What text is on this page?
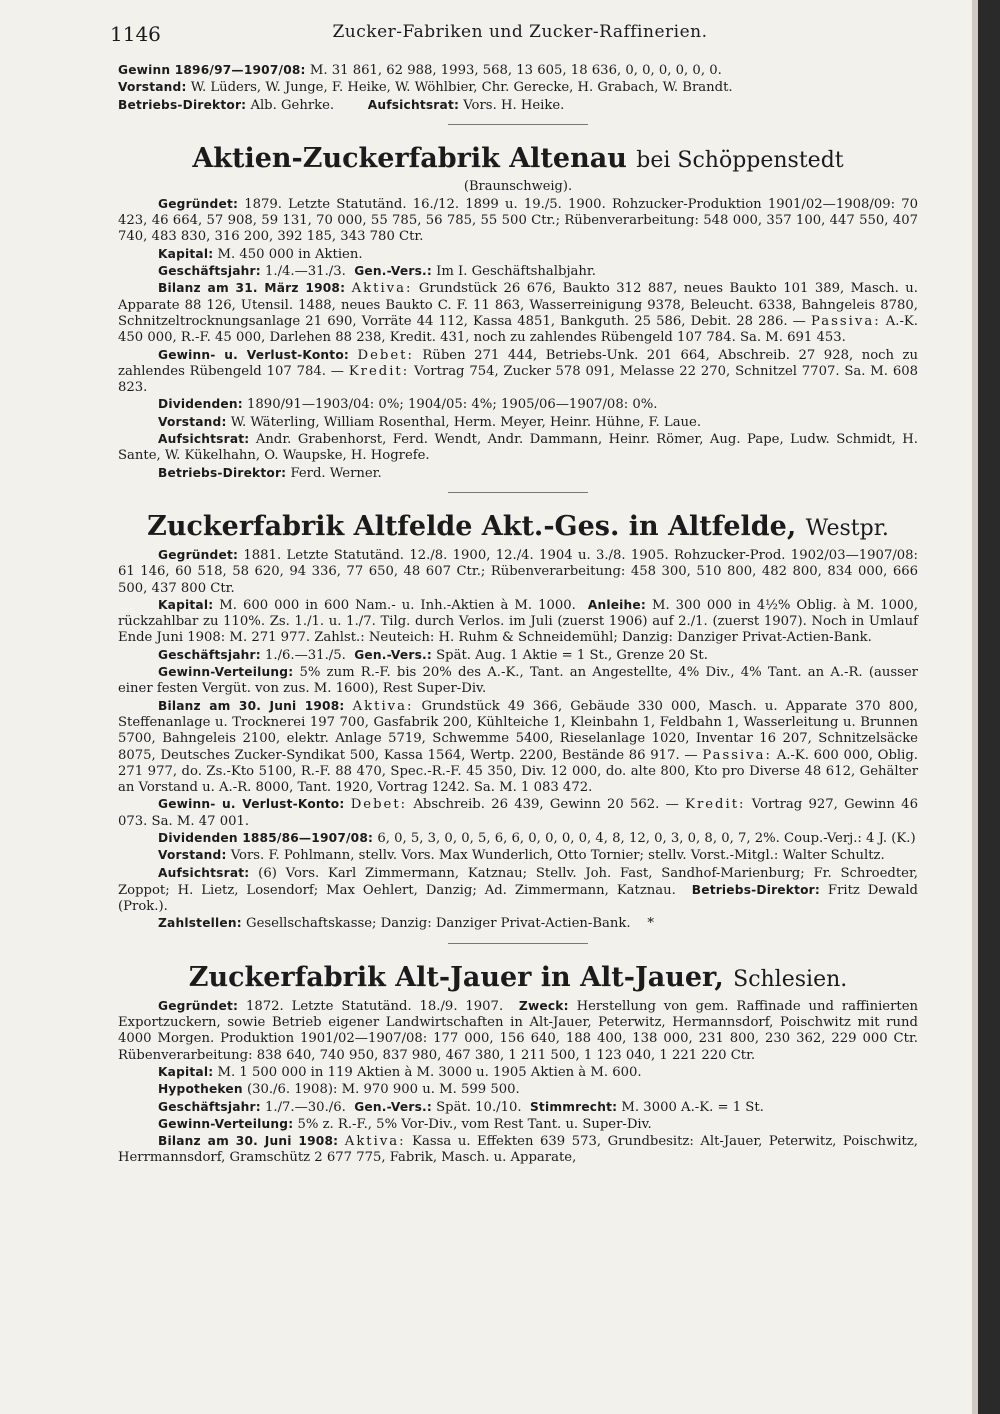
1146	Zucker-Fabriken und Zucker-Raffinerien.

Gewinn 1896/97—1907/08: M. 31 861, 62 988, 1993, 568, 13 605, 18 636, 0, 0, 0, 0, 0, 0.

Vorstand: W. Lüders, W. Junge, F. Heike, W. Wöhlbier, Chr. Gerecke, H. Grabach, W. Brandt.

Betriebs-Direktor: Alb. Gehrke.	Aufsichtsrat: Vors. H. Heike.

Aktien-Zuckerfabrik Altenau bei Schöppenstedt
(Braunschweig).

Gegründet: 1879. Letzte Statutänd. 16./12. 1899 u. 19./5. 1900. Rohzucker-Produktion 1901/02—1908/09: 70 423, 46 664, 57 908, 59 131, 70 000, 55 785, 56 785, 55 500 Ctr.; Rübenverarbeitung: 548 000, 357 100, 447 550, 407 740, 483 830, 316 200, 392 185, 343 780 Ctr.

Kapital: M. 450 000 in Aktien.

Geschäftsjahr: 1./4.—31./3. Gen.-Vers.: Im I. Geschäftshalbjahr.

Bilanz am 31. März 1908: Aktiva: Grundstück 26 676, Baukto 312 887, neues Baukto 101 389, Masch. u. Apparate 88 126, Utensil. 1488, neues Baukto C. F. 11 863, Wasserreinigung 9378, Beleucht. 6338, Bahngeleis 8780, Schnitzeltrocknungsanlage 21 690, Vorräte 44 112, Kassa 4851, Bankguth. 25 586, Debit. 28 286. — Passiva: A.-K. 450 000, R.-F. 45 000, Darlehen 88 238, Kredit. 431, noch zu zahlendes Rübengeld 107 784. Sa. M. 691 453.

Gewinn- u. Verlust-Konto: Debet: Rüben 271 444, Betriebs-Unk. 201 664, Abschreib. 27 928, noch zu zahlendes Rübengeld 107 784. — Kredit: Vortrag 754, Zucker 578 091, Melasse 22 270, Schnitzel 7707. Sa. M. 608 823.

Dividenden: 1890/91—1903/04: 0%; 1904/05: 4%; 1905/06—1907/08: 0%.

Vorstand: W. Wäterling, William Rosenthal, Herm. Meyer, Heinr. Hühne, F. Laue.

Aufsichtsrat: Andr. Grabenhorst, Ferd. Wendt, Andr. Dammann, Heinr. Römer, Aug. Pape, Ludw. Schmidt, H. Sante, W. Kükelhahn, O. Waupske, H. Hogrefe.

Betriebs-Direktor: Ferd. Werner.

Zuckerfabrik Altfelde Akt.-Ges. in Altfelde, Westpr.

Gegründet: 1881. Letzte Statutänd. 12./8. 1900, 12./4. 1904 u. 3./8. 1905. Rohzucker-Prod. 1902/03—1907/08: 61 146, 60 518, 58 620, 94 336, 77 650, 48 607 Ctr.; Rübenverarbeitung: 458 300, 510 800, 482 800, 834 000, 666 500, 437 800 Ctr.

Kapital: M. 600 000 in 600 Nam.- u. Inh.-Aktien à M. 1000. Anleihe: M. 300 000 in 4½% Oblig. à M. 1000, rückzahlbar zu 110%. Zs. 1./1. u. 1./7. Tilg. durch Verlos. im Juli (zuerst 1906) auf 2./1. (zuerst 1907). Noch in Umlauf Ende Juni 1908: M. 271 977. Zahlst.: Neuteich: H. Ruhm & Schneidemühl; Danzig: Danziger Privat-Actien-Bank.

Geschäftsjahr: 1./6.—31./5. Gen.-Vers.: Spät. Aug. 1 Aktie = 1 St., Grenze 20 St.

Gewinn-Verteilung: 5% zum R.-F. bis 20% des A.-K., Tant. an Angestellte, 4% Div., 4% Tant. an A.-R. (ausser einer festen Vergüt. von zus. M. 1600), Rest Super-Div.

Bilanz am 30. Juni 1908: Aktiva: Grundstück 49 366, Gebäude 330 000, Masch. u. Apparate 370 800, Steffenanlage u. Trocknerei 197 700, Gasfabrik 200, Kühlteiche 1, Kleinbahn 1, Feldbahn 1, Wasserleitung u. Brunnen 5700, Bahngeleis 2100, elektr. Anlage 5719, Schwemme 5400, Rieselanlage 1020, Inventar 16 207, Schnitzelsäcke 8075, Deutsches Zucker-Syndikat 500, Kassa 1564, Wertp. 2200, Bestände 86 917. — Passiva: A.-K. 600 000, Oblig. 271 977, do. Zs.-Kto 5100, R.-F. 88 470, Spec.-R.-F. 45 350, Div. 12 000, do. alte 800, Kto pro Diverse 48 612, Gehälter an Vorstand u. A.-R. 8000, Tant. 1920, Vortrag 1242. Sa. M. 1 083 472.

Gewinn- u. Verlust-Konto: Debet: Abschreib. 26 439, Gewinn 20 562. — Kredit: Vortrag 927, Gewinn 46 073. Sa. M. 47 001.

Dividenden 1885/86—1907/08: 6, 0, 5, 3, 0, 0, 5, 6, 6, 0, 0, 0, 0, 4, 8, 12, 0, 3, 0, 8, 0, 7, 2%. Coup.-Verj.: 4 J. (K.)

Vorstand: Vors. F. Pohlmann, stellv. Vors. Max Wunderlich, Otto Tornier; stellv. Vorst.-Mitgl.: Walter Schultz.

Aufsichtsrat: (6) Vors. Karl Zimmermann, Katznau; Stellv. Joh. Fast, Sandhof-Marienburg; Fr. Schroedter, Zoppot; H. Lietz, Losendorf; Max Oehlert, Danzig; Ad. Zimmermann, Katznau. Betriebs-Direktor: Fritz Dewald (Prok.).

Zahlstellen: Gesellschaftskasse; Danzig: Danziger Privat-Actien-Bank. *

Zuckerfabrik Alt-Jauer in Alt-Jauer, Schlesien.

Gegründet: 1872. Letzte Statutänd. 18./9. 1907. Zweck: Herstellung von gem. Raffinade und raffinierten Exportzuckern, sowie Betrieb eigener Landwirtschaften in Alt-Jauer, Peterwitz, Hermannsdorf, Poischwitz mit rund 4000 Morgen. Produktion 1901/02—1907/08: 177 000, 156 640, 188 400, 138 000, 231 800, 230 362, 229 000 Ctr. Rübenverarbeitung: 838 640, 740 950, 837 980, 467 380, 1 211 500, 1 123 040, 1 221 220 Ctr.

Kapital: M. 1 500 000 in 119 Aktien à M. 3000 u. 1905 Aktien à M. 600.

Hypotheken (30./6. 1908): M. 970 900 u. M. 599 500.

Geschäftsjahr: 1./7.—30./6. Gen.-Vers.: Spät. 10./10. Stimmrecht: M. 3000 A.-K. = 1 St.

Gewinn-Verteilung: 5% z. R.-F., 5% Vor-Div., vom Rest Tant. u. Super-Div.

Bilanz am 30. Juni 1908: Aktiva: Kassa u. Effekten 639 573, Grundbesitz: Alt-Jauer, Peterwitz, Poischwitz, Herrmannsdorf, Gramschütz 2 677 775, Fabrik, Masch. u. Apparate,
